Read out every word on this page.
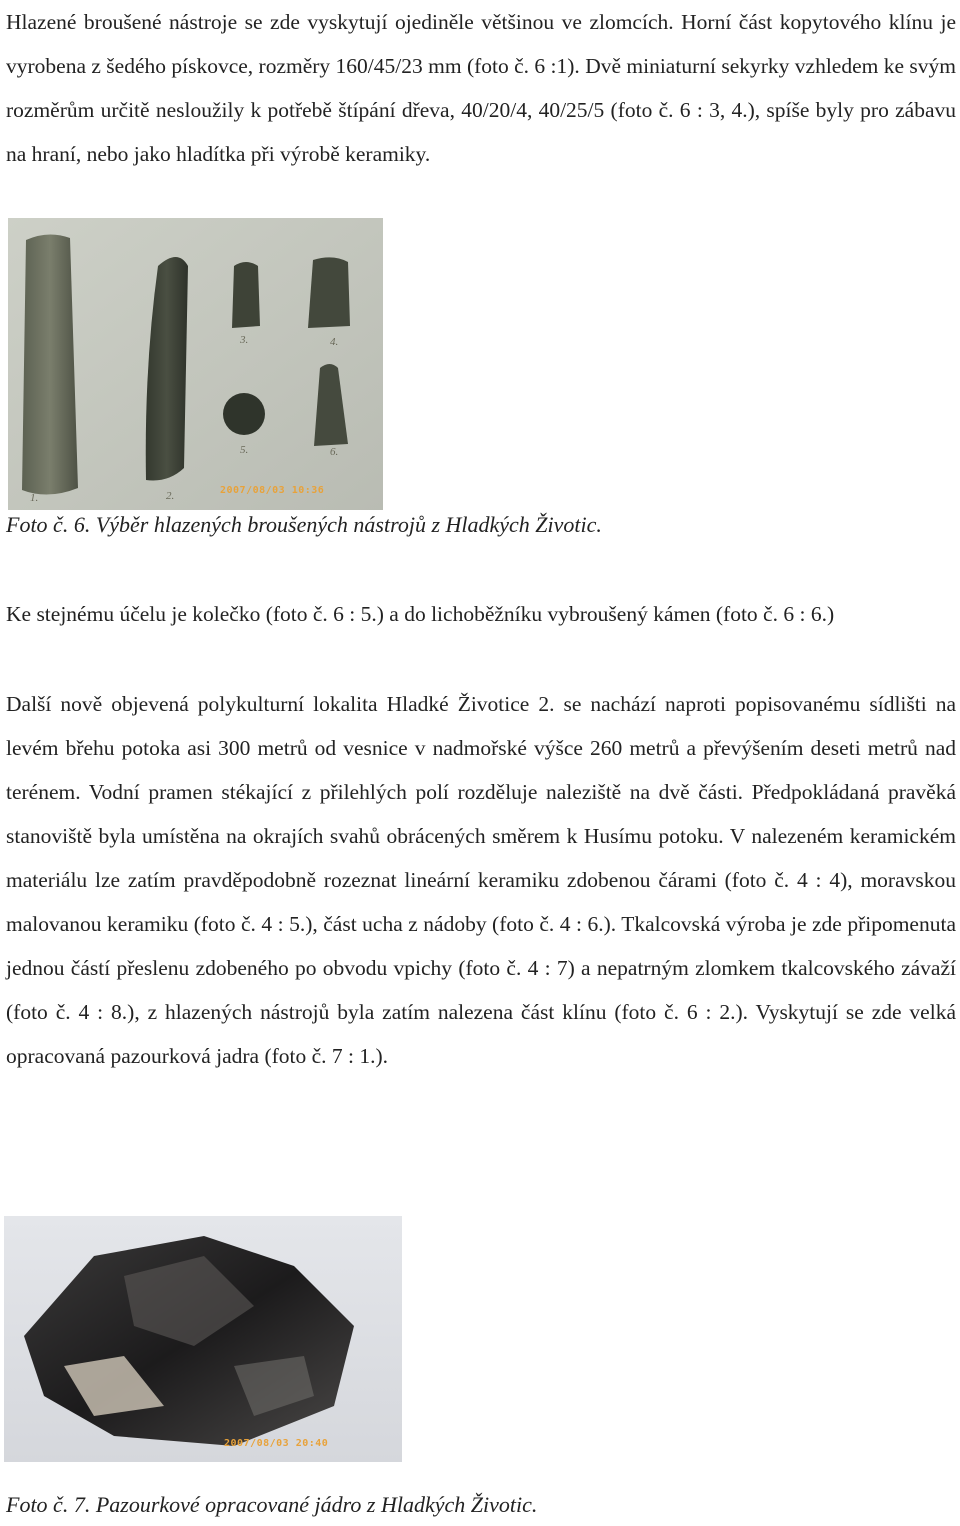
Hlazené broušené nástroje se zde vyskytují ojediněle většinou ve zlomcích. Horní část kopytového klínu je vyrobena z šedého pískovce, rozměry 160/45/23 mm (foto č. 6 :1). Dvě miniaturní sekyrky vzhledem ke svým rozměrům určitě nesloužily k potřebě štípání dřeva, 40/20/4, 40/25/5 (foto č. 6 : 3, 4.), spíše byly pro zábavu na hraní, nebo jako hladítka při výrobě keramiky.

3.	4.
5.	6.
1.	2.	2007/08/03 10:36

Foto č. 6. Výběr hlazených broušených nástrojů z Hladkých Životic.

Ke stejnému účelu je kolečko (foto č. 6 : 5.) a do lichoběžníku vybroušený kámen (foto č. 6 : 6.)

Další nově objevená polykulturní lokalita Hladké Životice 2. se nachází naproti popisovanému sídlišti na levém břehu potoka asi 300 metrů od vesnice v nadmořské výšce 260 metrů a převýšením deseti metrů nad terénem. Vodní pramen stékající z přilehlých polí rozděluje naleziště na dvě části. Předpokládaná pravěká stanoviště byla umístěna na okrajích svahů obrácených směrem k Husímu potoku. V nalezeném keramickém materiálu lze zatím pravděpodobně rozeznat lineární keramiku zdobenou čárami (foto č. 4 : 4), moravskou malovanou keramiku (foto č. 4 : 5.), část ucha z nádoby (foto č. 4 : 6.). Tkalcovská výroba je zde připomenuta jednou částí přeslenu zdobeného po obvodu vpichy (foto č. 4 : 7) a nepatrným zlomkem tkalcovského závaží (foto č. 4 : 8.), z hlazených nástrojů byla zatím nalezena část klínu (foto č. 6 : 2.). Vyskytují se zde velká opracovaná pazourková jadra (foto č. 7 : 1.).

2007/08/03 20:40

Foto č. 7. Pazourkové opracované jádro z Hladkých Životic.
